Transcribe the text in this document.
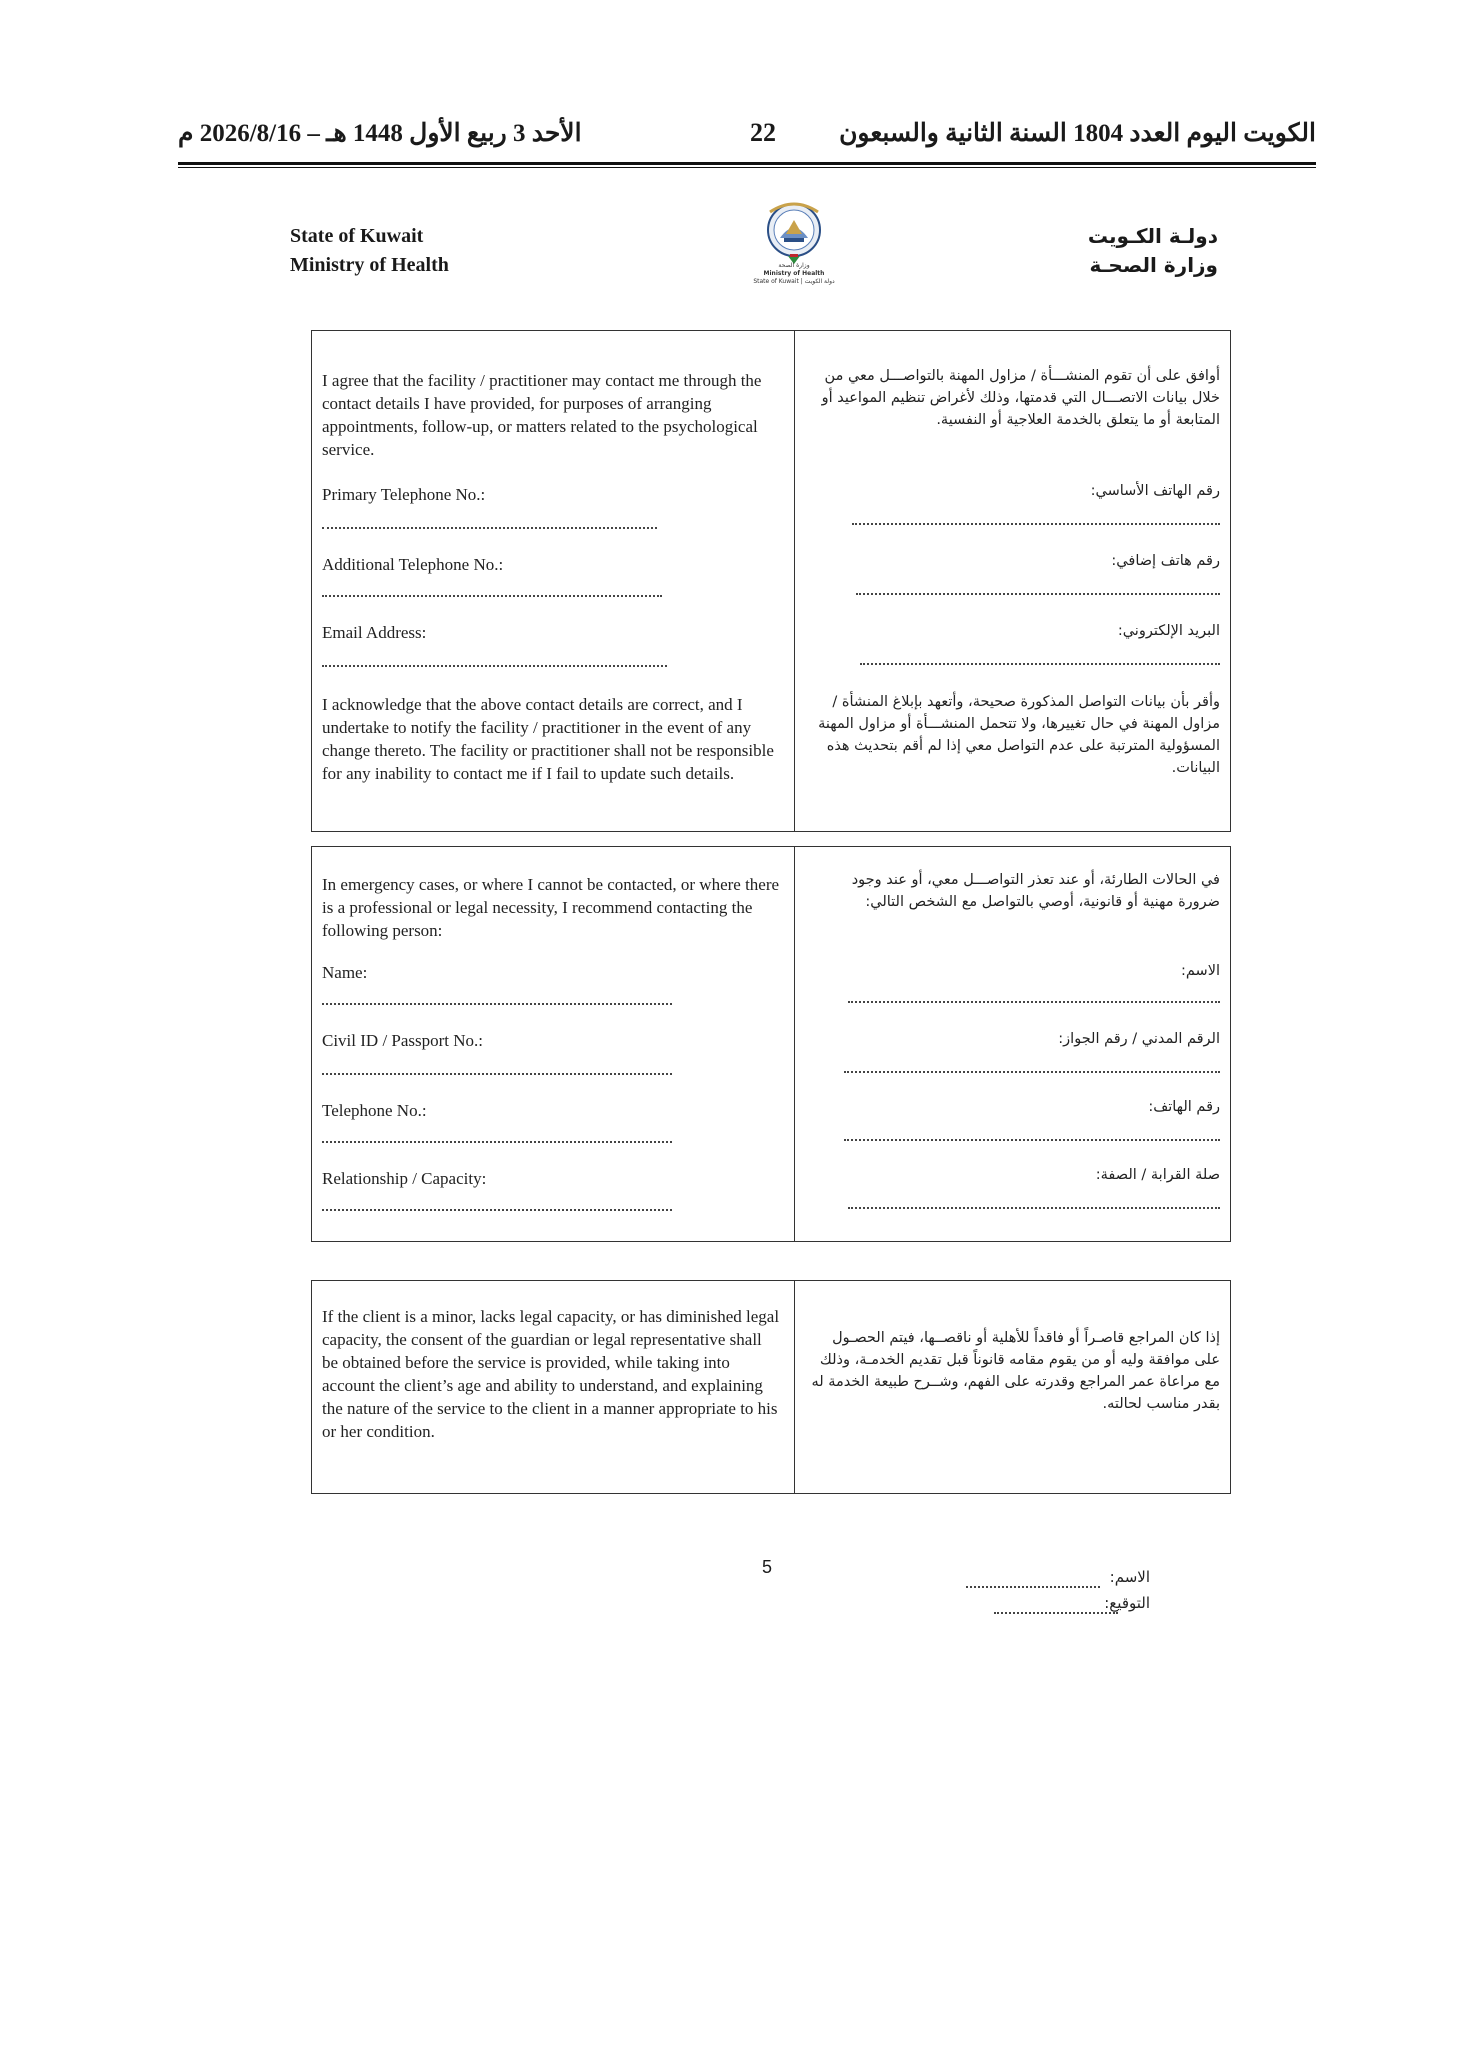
الأحد 3 ربيع الأول 1448 هـ – 2026/8/16 م	22	الكويت اليوم العدد 1804 السنة الثانية والسبعون
State of Kuwait
Ministry of Health
دولـة الكـويت
وزارة الصحـة
وزارة الصحة
Ministry of Health
State of Kuwait | دولة الكويت
I agree that the facility / practitioner may contact me through the contact details I have provided, for purposes of arranging appointments, follow-up, or matters related to the psychological service.
أوافق على أن تقوم المنشـــأة / مزاول المهنة بالتواصـــل معي من خلال بيانات الاتصـــال التي قدمتها، وذلك لأغراض تنظيم المواعيد أو المتابعة أو ما يتعلق بالخدمة العلاجية أو النفسية.
Primary Telephone No.:	رقم الهاتف الأساسي:
Additional Telephone No.:	رقم هاتف إضافي:
Email Address:	البريد الإلكتروني:
I acknowledge that the above contact details are correct, and I undertake to notify the facility / practitioner in the event of any change thereto. The facility or practitioner shall not be responsible for any inability to contact me if I fail to update such details.
وأقر بأن بيانات التواصل المذكورة صحيحة، وأتعهد بإبلاغ المنشأة / مزاول المهنة في حال تغييرها، ولا تتحمل المنشـــأة أو مزاول المهنة المسؤولية المترتبة على عدم التواصل معي إذا لم أقم بتحديث هذه البيانات.
In emergency cases, or where I cannot be contacted, or where there is a professional or legal necessity, I recommend contacting the following person:
في الحالات الطارئة، أو عند تعذر التواصـــل معي، أو عند وجود ضرورة مهنية أو قانونية، أوصي بالتواصل مع الشخص التالي:
Name:	الاسم:
Civil ID / Passport No.:	الرقم المدني / رقم الجواز:
Telephone No.:	رقم الهاتف:
Relationship / Capacity:	صلة القرابة / الصفة:
If the client is a minor, lacks legal capacity, or has diminished legal capacity, the consent of the guardian or legal representative shall be obtained before the service is provided, while taking into account the client’s age and ability to understand, and explaining the nature of the service to the client in a manner appropriate to his or her condition.
إذا كان المراجع قاصـراً أو فاقداً للأهلية أو ناقصــها، فيتم الحصـول على موافقة وليه أو من يقوم مقامه قانوناً قبل تقديم الخدمـة، وذلك مع مراعاة عمر المراجع وقدرته على الفهم، وشــرح طبيعة الخدمة له بقدر مناسب لحالته.
5	الاسم:
التوقيع:
